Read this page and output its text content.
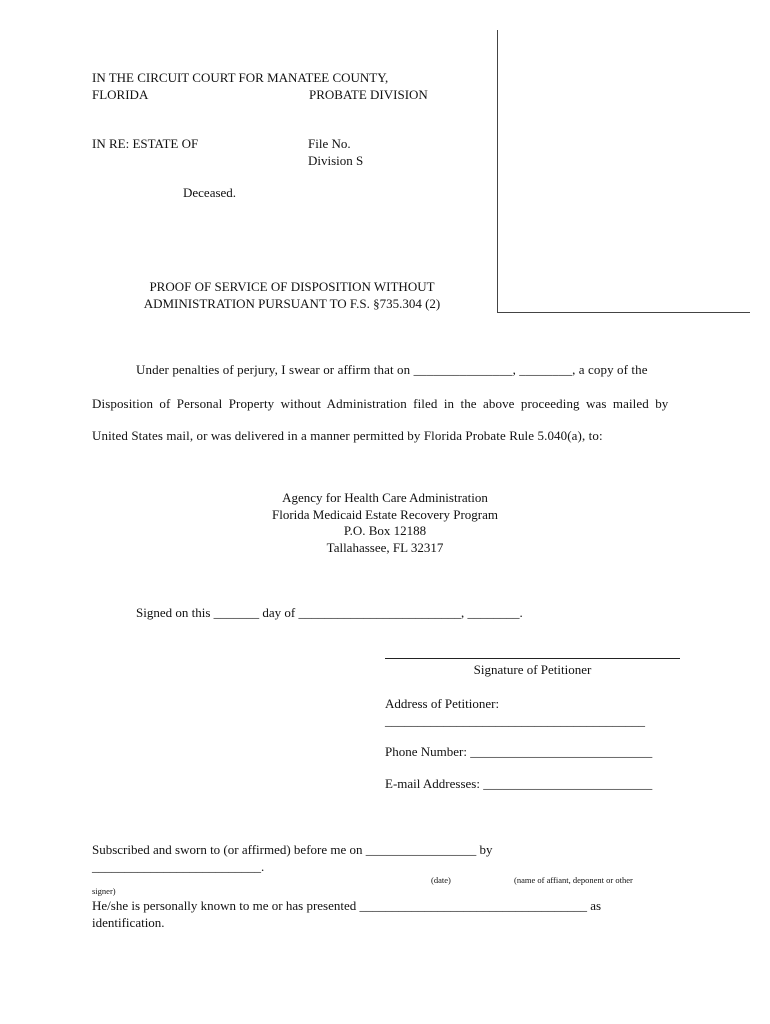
IN THE CIRCUIT COURT FOR MANATEE COUNTY,
FLORIDA	PROBATE DIVISION
IN RE: ESTATE OF	File No.
Division S
Deceased.
PROOF OF SERVICE OF DISPOSITION WITHOUT
ADMINISTRATION PURSUANT TO F.S. §735.304 (2)
Under penalties of perjury, I swear or affirm that on _______________, ________, a copy of the
Disposition of Personal Property without Administration filed in the above proceeding was mailed by
United States mail, or was delivered in a manner permitted by Florida Probate Rule 5.040(a), to:
Agency for Health Care Administration
Florida Medicaid Estate Recovery Program
P.O. Box 12188
Tallahassee, FL 32317
Signed on this _______ day of _________________________, ________.
Signature of Petitioner
Address of Petitioner:
________________________________________
Phone Number: ____________________________
E-mail Addresses: __________________________
Subscribed and sworn to (or affirmed) before me on _________________ by
__________________________.
(date)	(name of affiant, deponent or other
signer)
He/she is personally known to me or has presented ___________________________________ as
identification.
